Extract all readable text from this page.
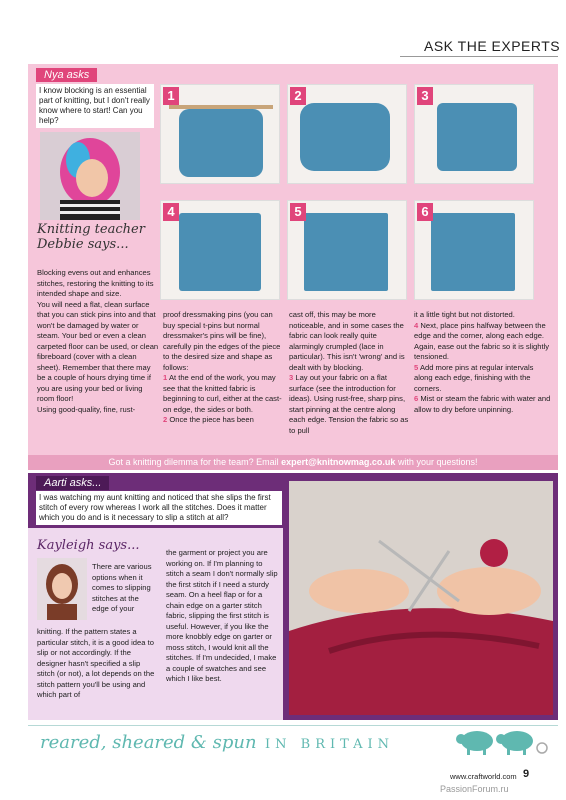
ASK THE EXPERTS
Nya asks
I know blocking is an essential part of knitting, but I don't really know where to start! Can you help?
Knitting teacher Debbie says...
1	2	3
4	5	6

Blocking evens out and enhances stitches, restoring the knitting to its intended shape and size.

You will need a flat, clean surface that you can stick pins into and that won't be damaged by water or steam. Your bed or even a clean carpeted floor can be used, or clean fibreboard (cover with a clean sheet). Remember that there may be a couple of hours drying time if you are using your bed or living room floor!

Using good-quality, fine, rust-

proof dressmaking pins (you can buy special t-pins but normal dressmaker's pins will be fine), carefully pin the edges of the piece to the desired size and shape as follows:

1 At the end of the work, you may see that the knitted fabric is beginning to curl, either at the cast-on edge, the sides or both.

2 Once the piece has been

cast off, this may be more noticeable, and in some cases the fabric can look really quite alarmingly crumpled (lace in particular). This isn't 'wrong' and is dealt with by blocking.

3 Lay out your fabric on a flat surface (see the introduction for ideas). Using rust-free, sharp pins, start pinning at the centre along each edge. Tension the fabric so as to pull

it a little tight but not distorted.

4 Next, place pins halfway between the edge and the corner, along each edge. Again, ease out the fabric so it is slightly tensioned.

5 Add more pins at regular intervals along each edge, finishing with the corners.

6 Mist or steam the fabric with water and allow to dry before unpinning.

Got a knitting dilemma for the team? Email expert@knitnowmag.co.uk with your questions!
Aarti asks...
I was watching my aunt knitting and noticed that she slips the first stitch of every row whereas I work all the stitches. Does it matter which you do and is it necessary to slip a stitch at all?
Kayleigh says...
There are various options when it comes to slipping stitches at the edge of your
knitting. If the pattern states a particular stitch, it is a good idea to slip or not accordingly. If the designer hasn't specified a slip stitch (or not), a lot depends on the stitch pattern you'll be using and which part of
the garment or project you are working on. If I'm planning to stitch a seam I don't normally slip the first stitch if I need a sturdy seam. On a heel flap or for a chain edge on a garter stitch fabric, slipping the first stitch is useful. However, if you like the more knobbly edge on garter or moss stitch, I would knit all the stitches. If I'm undecided, I make a couple of swatches and see which I like best.
reared, sheared & spun IN BRITAIN
www.craftworld.com 9
PassionForum.ru
